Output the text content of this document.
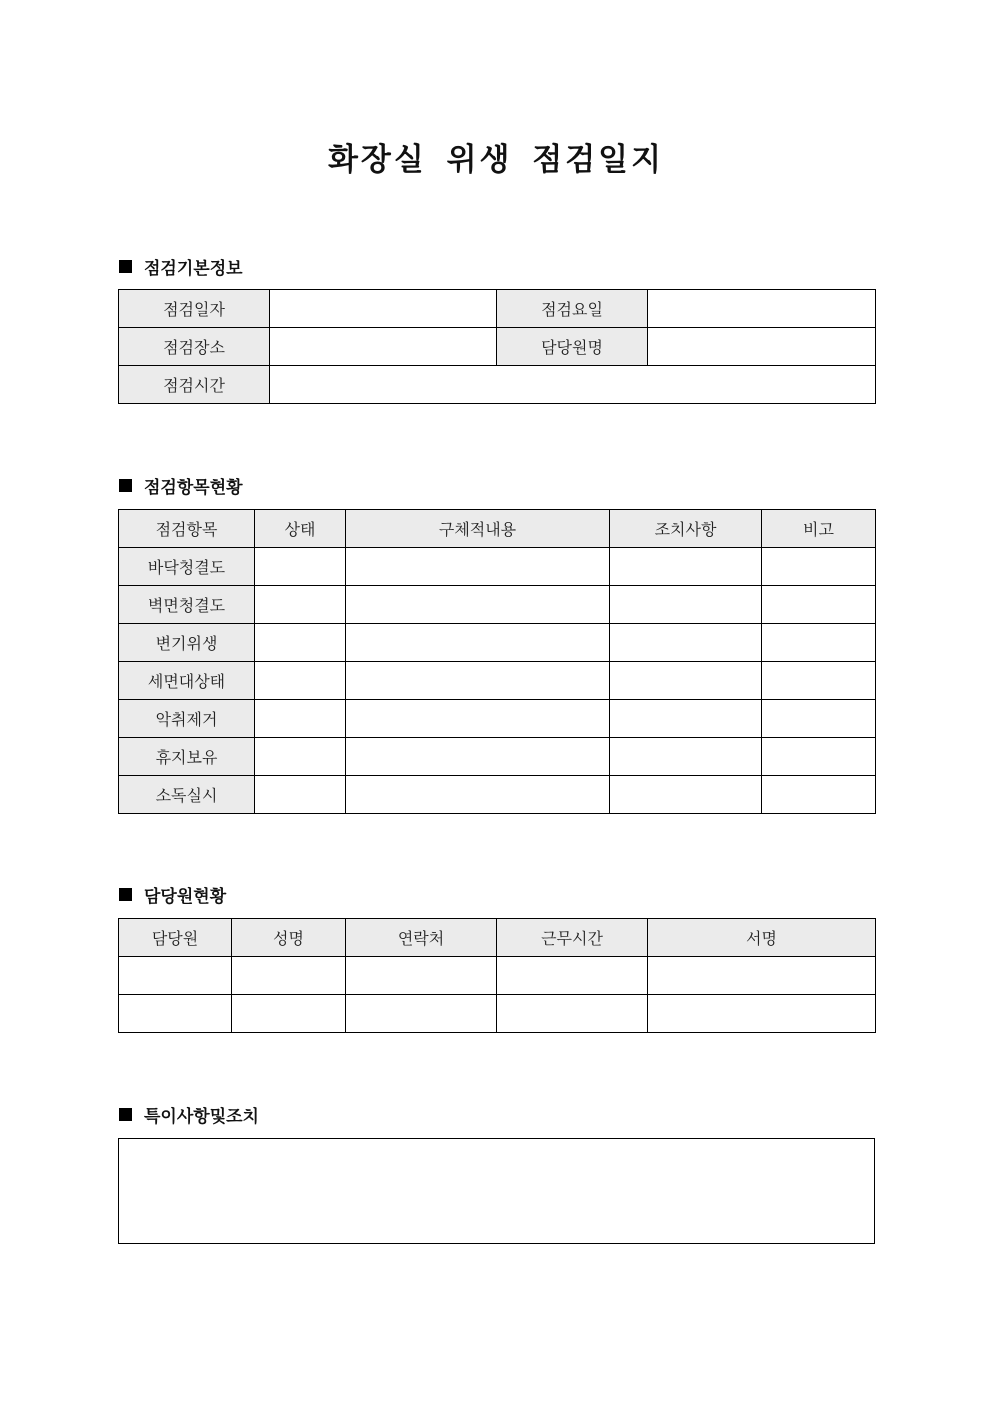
화장실 위생 점검일지
점검기본정보
점검일자		점검요일	
점검장소		담당원명	
점검시간			
점검항목현황
점검항목	상태	구체적내용	조치사항	비고
바닥청결도				
벽면청결도				
변기위생				
세면대상태				
악취제거				
휴지보유				
소독실시				
담당원현황
담당원	성명	연락처	근무시간	서명

특이사항및조치
